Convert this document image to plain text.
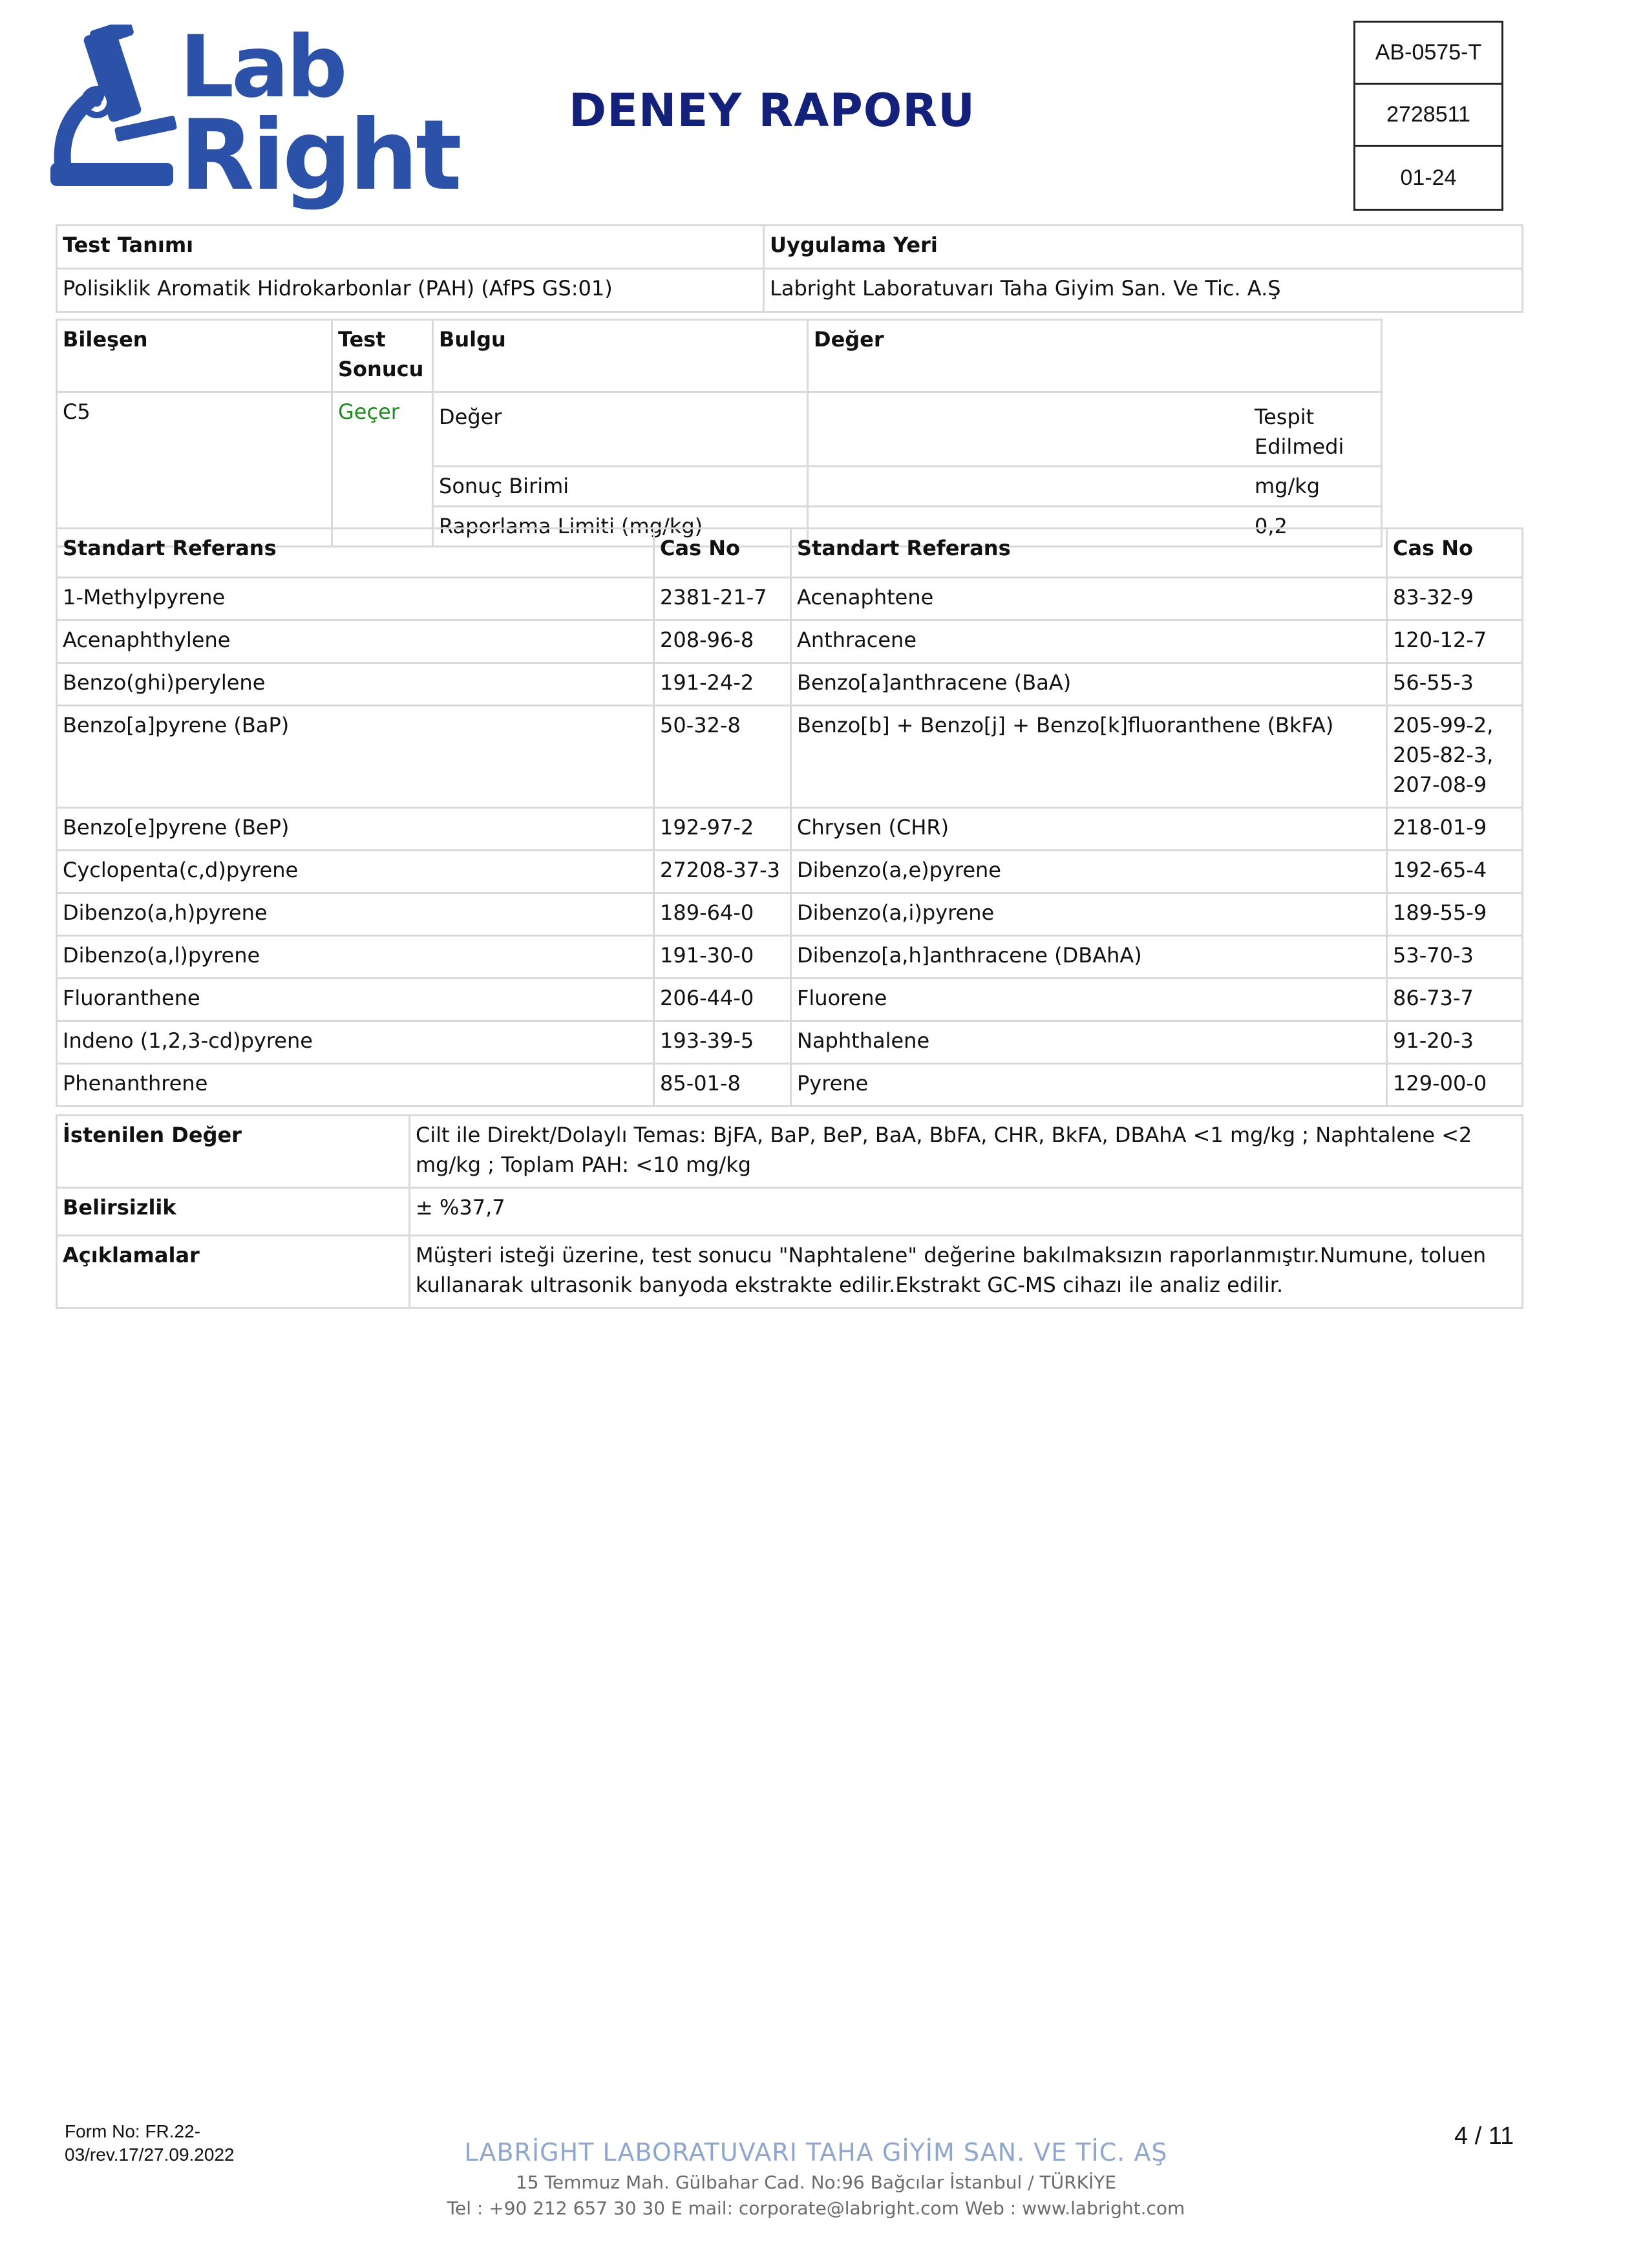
Lab
Right DENEY RAPORU
AB-0575-T
2728511
01-24
Test Tanımı	Uygulama Yeri
Polisiklik Aromatik Hidrokarbonlar (PAH) (AfPS GS:01)	Labright Laboratuvarı Taha Giyim San. Ve Tic. A.Ş
Bileşen	Test Sonucu	Bulgu	Değer
C5	Geçer	Değer	Tespit Edilmedi
		Sonuç Birimi	mg/kg
		Raporlama Limiti (mg/kg)	0,2
Standart Referans	Cas No	Standart Referans	Cas No
1-Methylpyrene	2381-21-7	Acenaphtene	83-32-9
Acenaphthylene	208-96-8	Anthracene	120-12-7
Benzo(ghi)perylene	191-24-2	Benzo[a]anthracene (BaA)	56-55-3
Benzo[a]pyrene (BaP)	50-32-8	Benzo[b] + Benzo[j] + Benzo[k]fluoranthene (BkFA)	205-99-2, 205-82-3, 207-08-9
Benzo[e]pyrene (BeP)	192-97-2	Chrysen (CHR)	218-01-9
Cyclopenta(c,d)pyrene	27208-37-3	Dibenzo(a,e)pyrene	192-65-4
Dibenzo(a,h)pyrene	189-64-0	Dibenzo(a,i)pyrene	189-55-9
Dibenzo(a,l)pyrene	191-30-0	Dibenzo[a,h]anthracene (DBAhA)	53-70-3
Fluoranthene	206-44-0	Fluorene	86-73-7
Indeno (1,2,3-cd)pyrene	193-39-5	Naphthalene	91-20-3
Phenanthrene	85-01-8	Pyrene	129-00-0
İstenilen Değer	Cilt ile Direkt/Dolaylı Temas: BjFA, BaP, BeP, BaA, BbFA, CHR, BkFA, DBAhA <1 mg/kg ; Naphtalene <2 mg/kg ; Toplam PAH: <10 mg/kg
Belirsizlik	± %37,7
Açıklamalar	Müşteri isteği üzerine, test sonucu "Naphtalene" değerine bakılmaksızın raporlanmıştır.Numune, toluen kullanarak ultrasonik banyoda ekstrakte edilir.Ekstrakt GC-MS cihazı ile analiz edilir.
Form No: FR.22-
03/rev.17/27.09.2022
4 / 11
LABRİGHT LABORATUVARI TAHA GİYİM SAN. VE TİC. AŞ
15 Temmuz Mah. Gülbahar Cad. No:96 Bağcılar İstanbul / TÜRKİYE
Tel : +90 212 657 30 30 E mail: corporate@labright.com Web : www.labright.com
